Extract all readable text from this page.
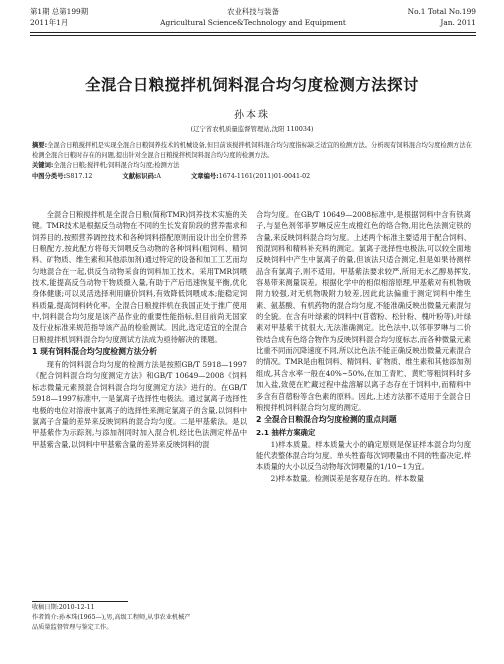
第1期 总第199期
2011年1月
农业科技与装备
Agricultural Science&Technology and Equipment
No.1 Total No.199
Jan. 2011
全混合日粮搅拌机饲料混合均匀度检测方法探讨
孙本珠
(辽宁省农机质量监督管理站,沈阳 110034)
摘要:全混合日粮搅拌机是实现全混合日粮饲养技术的机械设备,但目前该搅拌机饲料混合均匀度指标缺乏适宜的检测方法。分析现有饲料混合均匀度检测方法在检测全混合日粮时存在的问题,提出针对全混合日粮搅拌机饲料混合均匀度的检测方法。
关键词:全混合日粮;搅拌机;饲料混合均匀度;检测方法
中图分类号:S817.12	文献标识码:A	文章编号:1674-1161(2011)01-0041-02

全混合日粮搅拌机是全混合日粮(简称TMR)饲养技术实施的关键。TMR技术是根据反刍动物在不同的生长发育阶段的营养需求和饲养目的,按照营养调控技术和各种饲料搭配原则而设计出全价营养日粮配方,按此配方将每天饲喂反刍动物的各种饲料(粗饲料、精饲料、矿物质、维生素和其他添加剂)通过特定的设备和加工工艺而均匀地混合在一起,供反刍动物采食的饲料加工技术。采用TMR饲喂技术,能提高反刍动物干物质摄入量,有助于产后迅速恢复平衡,优化身体健康;可以灵活选择利用廉价饲料,有效降低饲喂成本;能稳定饲料质量,提高饲料转化率。全混合日粮搅拌机在我国正处于推广使用中,饲料混合均匀度是该产品作业的重要性能指标,但目前尚无国家及行业标准来规范指导该产品的检验测试。因此,选定适宜的全混合日粮搅拌机饲料混合均匀度测试方法成为亟待解决的课题。

1 现有饲料混合均匀度检测方法分析

现有的饲料混合均匀度的检测方法是按照GB/T 5918—1997《配合饲料混合均匀度测定方法》和GB/T 10649—2008《饲料标志微量元素预混合饲料混合均匀度测定方法》进行的。在GB/T 5918—1997标准中,一是氯离子选择性电极法。通过氯离子选择性电极的电位对溶液中氯离子的选择性来测定氯离子的含量,以饲料中氯离子含量的差异来反映饲料的混合均匀度。二是甲基紫法。是以甲基紫作为示踪剂,与添加剂同时加入混合机,经比色法测定样品中甲基紫含量,以饲料中甲基紫含量的差异来反映饲料的混

合均匀度。在GB/T 10649—2008标准中,是根据饲料中含有铁离子,与显色剂邻菲罗啉反应生成橙红色的络合物,用比色法测定铁的含量,来反映饲料混合均匀度。上述两个标准主要适用于配合饲料、预混饲料和精料补充料的测定。氯离子选择性电极法,可以较全面地反映饲料中产生中氯离子的量,但该法只适合测定,但是如果待测样品含有氯离子,则不适用。甲基紫法要求较严,所用无水乙醇易挥发,容易带来测量误差。根据化学中的相似相溶原理,甲基紫对有机物吸附力较强,对无机物吸附力较差,因此此法偏重于测定饲料中维生素、氨基酸、有机药物的混合均匀度,不能准确反映出微量元素混匀的全貌。在含有叶绿素的饲料中(苜蓿粉、松针粉、槐叶粉等),叶绿素对甲基紫干扰很大,无法准确测定。比色法中,以邻菲罗啉与二价铁结合成有色络合物作为反映饲料混合均匀度标志,而各种微量元素比重不同而沉降速度不同,所以比色法不能正确反映出微量元素混合的情况。TMR是由粗饲料、精饲料、矿物质、维生素和其他添加剂组成,其含水率一般在40%~50%,在加工青贮、黄贮等粗饲料时多加入盐,致使在贮藏过程中盐溶解以离子态存在于饲料中,而精料中多含有苜蓿粉等含色素的原料。因此,上述方法都不适用于全混合日粮搅拌机饲料混合均匀度的测定。

2 全混合日粮混合均匀度检测的重点问题
2.1 抽样方案确定

1)样本质量。样本质量大小的确定原则是保证样本混合均匀度能代表整体混合均匀度。单头牲畜每次饲喂量由不同的牲畜决定,样本质量的大小以反刍动物每次饲喂量的1/10~1为宜。

2)样本数量。检测误差是客观存在的。样本数量

收稿日期:2010-12-11
作者简介:孙本珠(1965—),男,高级工程师,从事农业机械产
品质量监督管理与鉴定工作。
